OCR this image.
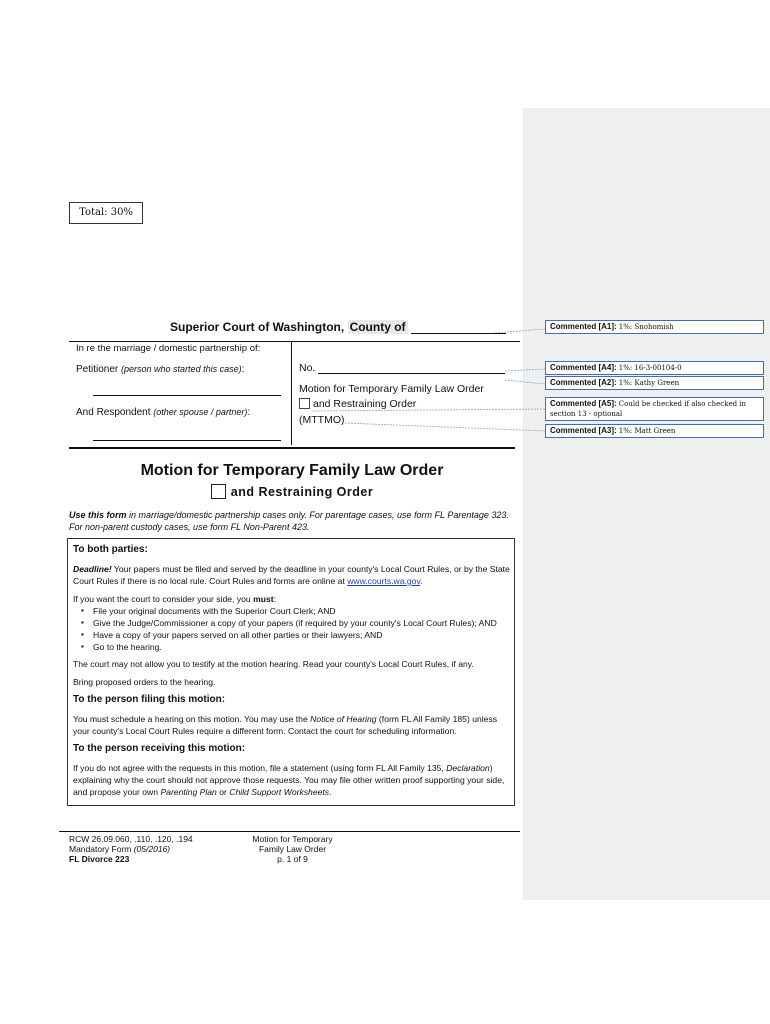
Total: 30%
Superior Court of Washington, County of
In re the marriage / domestic partnership of:
Petitioner (person who started this case):
And Respondent (other spouse / partner):
No.
Motion for Temporary Family Law Order
and Restraining Order
(MTTMO)
Motion for Temporary Family Law Order
and Restraining Order
Use this form in marriage/domestic partnership cases only. For parentage cases, use form FL Parentage 323. For non-parent custody cases, use form FL Non-Parent 423.
To both parties:

Deadline! Your papers must be filed and served by the deadline in your county's Local Court Rules, or by the State Court Rules if there is no local rule. Court Rules and forms are online at www.courts.wa.gov.

If you want the court to consider your side, you must:

▪ File your original documents with the Superior Court Clerk; AND
▪ Give the Judge/Commissioner a copy of your papers (if required by your county's Local Court Rules); AND
▪ Have a copy of your papers served on all other parties or their lawyers; AND
▪ Go to the hearing.

The court may not allow you to testify at the motion hearing. Read your county's Local Court Rules, if any.

Bring proposed orders to the hearing.

To the person filing this motion:

You must schedule a hearing on this motion. You may use the Notice of Hearing (form FL All Family 185) unless your county's Local Court Rules require a different form. Contact the court for scheduling information.

To the person receiving this motion:

If you do not agree with the requests in this motion, file a statement (using form FL All Family 135, Declaration) explaining why the court should not approve those requests. You may file other written proof supporting your side, and propose your own Parenting Plan or Child Support Worksheets.

RCW 26.09.060, .110, .120, .194
Mandatory Form (05/2016)
FL Divorce 223
Motion for Temporary
Family Law Order
p. 1 of 9
Commented [A1]: 1%: Snohomish
Commented [A4]: 1%: 16-3-00104-0
Commented [A2]: 1%: Kathy Green
Commented [A5]: Could be checked if also checked in section 13 - optional
Commented [A3]: 1%: Matt Green
